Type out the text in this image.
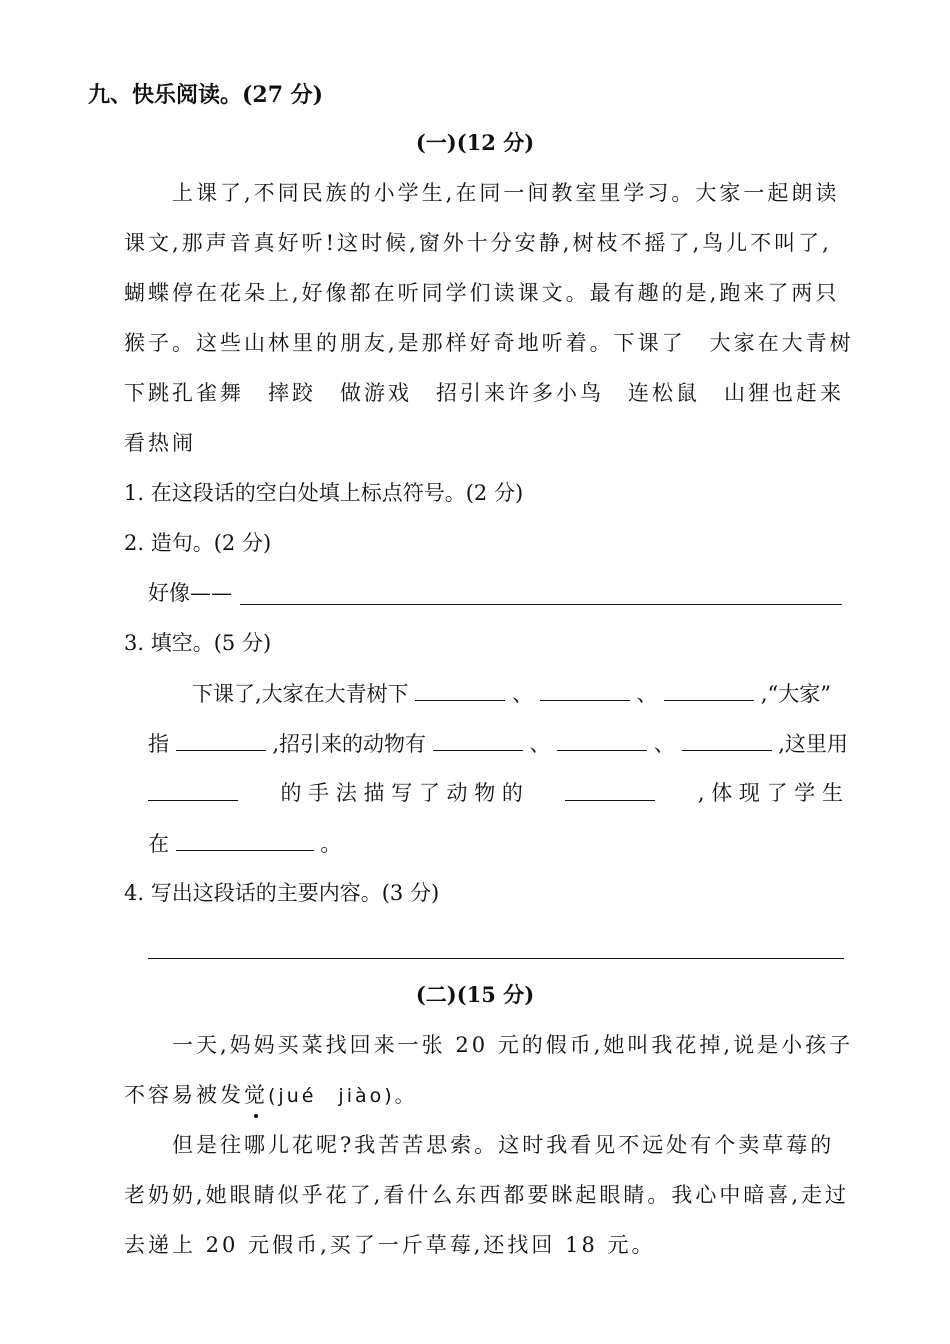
九、快乐阅读。(27 分)
(一)(12 分)
上课了,不同民族的小学生,在同一间教室里学习。大家一起朗读
课文,那声音真好听!这时候,窗外十分安静,树枝不摇了,鸟儿不叫了,
蝴蝶停在花朵上,好像都在听同学们读课文。最有趣的是,跑来了两只
猴子。这些山林里的朋友,是那样好奇地听着。下课了　大家在大青树
下跳孔雀舞　摔跤　做游戏　招引来许多小鸟　连松鼠　山狸也赶来
看热闹
1. 在这段话的空白处填上标点符号。(2 分)
2. 造句。(2 分)
好像——
3. 填空。(5 分)
下课了,大家在大青树下	、	、	,“大家”
指	,招引来的动物有	、	、	,这里用
的 手 法 描 写 了 动 物 的	, 体 现 了 学 生
在	。
4. 写出这段话的主要内容。(3 分)
(二)(15 分)
一天,妈妈买菜找回来一张 20 元的假币,她叫我花掉,说是小孩子
不容易被发觉(jué　jiào)。
但是往哪儿花呢?我苦苦思索。这时我看见不远处有个卖草莓的
老奶奶,她眼睛似乎花了,看什么东西都要眯起眼睛。我心中暗喜,走过
去递上 20 元假币,买了一斤草莓,还找回 18 元。
